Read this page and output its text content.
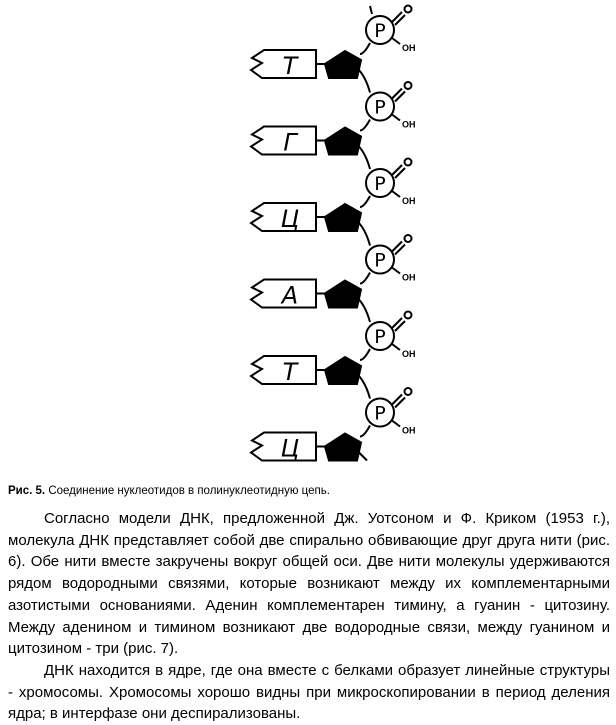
P
OH
Т
P
OH
Г
P
OH
Ц
P
OH
А
P
OH
Т
P
OH
Ц
Рис. 5. Соединение нуклеотидов в полинуклеотидную цепь.

Согласно модели ДНК, предложенной Дж. Уотсоном и Ф. Криком (1953 г.), молекула ДНК представляет собой две спирально обвивающие друг друга нити (рис. 6). Обе нити вместе закручены вокруг общей оси. Две нити молекулы удерживаются рядом водородными связями, которые возникают между их комплементарными азотистыми основаниями. Аденин комплементарен тимину, а гуанин - цитозину. Между аденином и тимином возникают две водородные связи, между гуанином и цитозином - три (рис. 7).

ДНК находится в ядре, где она вместе с белками образует линейные структуры - хромосомы. Хромосомы хорошо видны при микроскопировании в период деления ядра; в интерфазе они деспирализованы.
